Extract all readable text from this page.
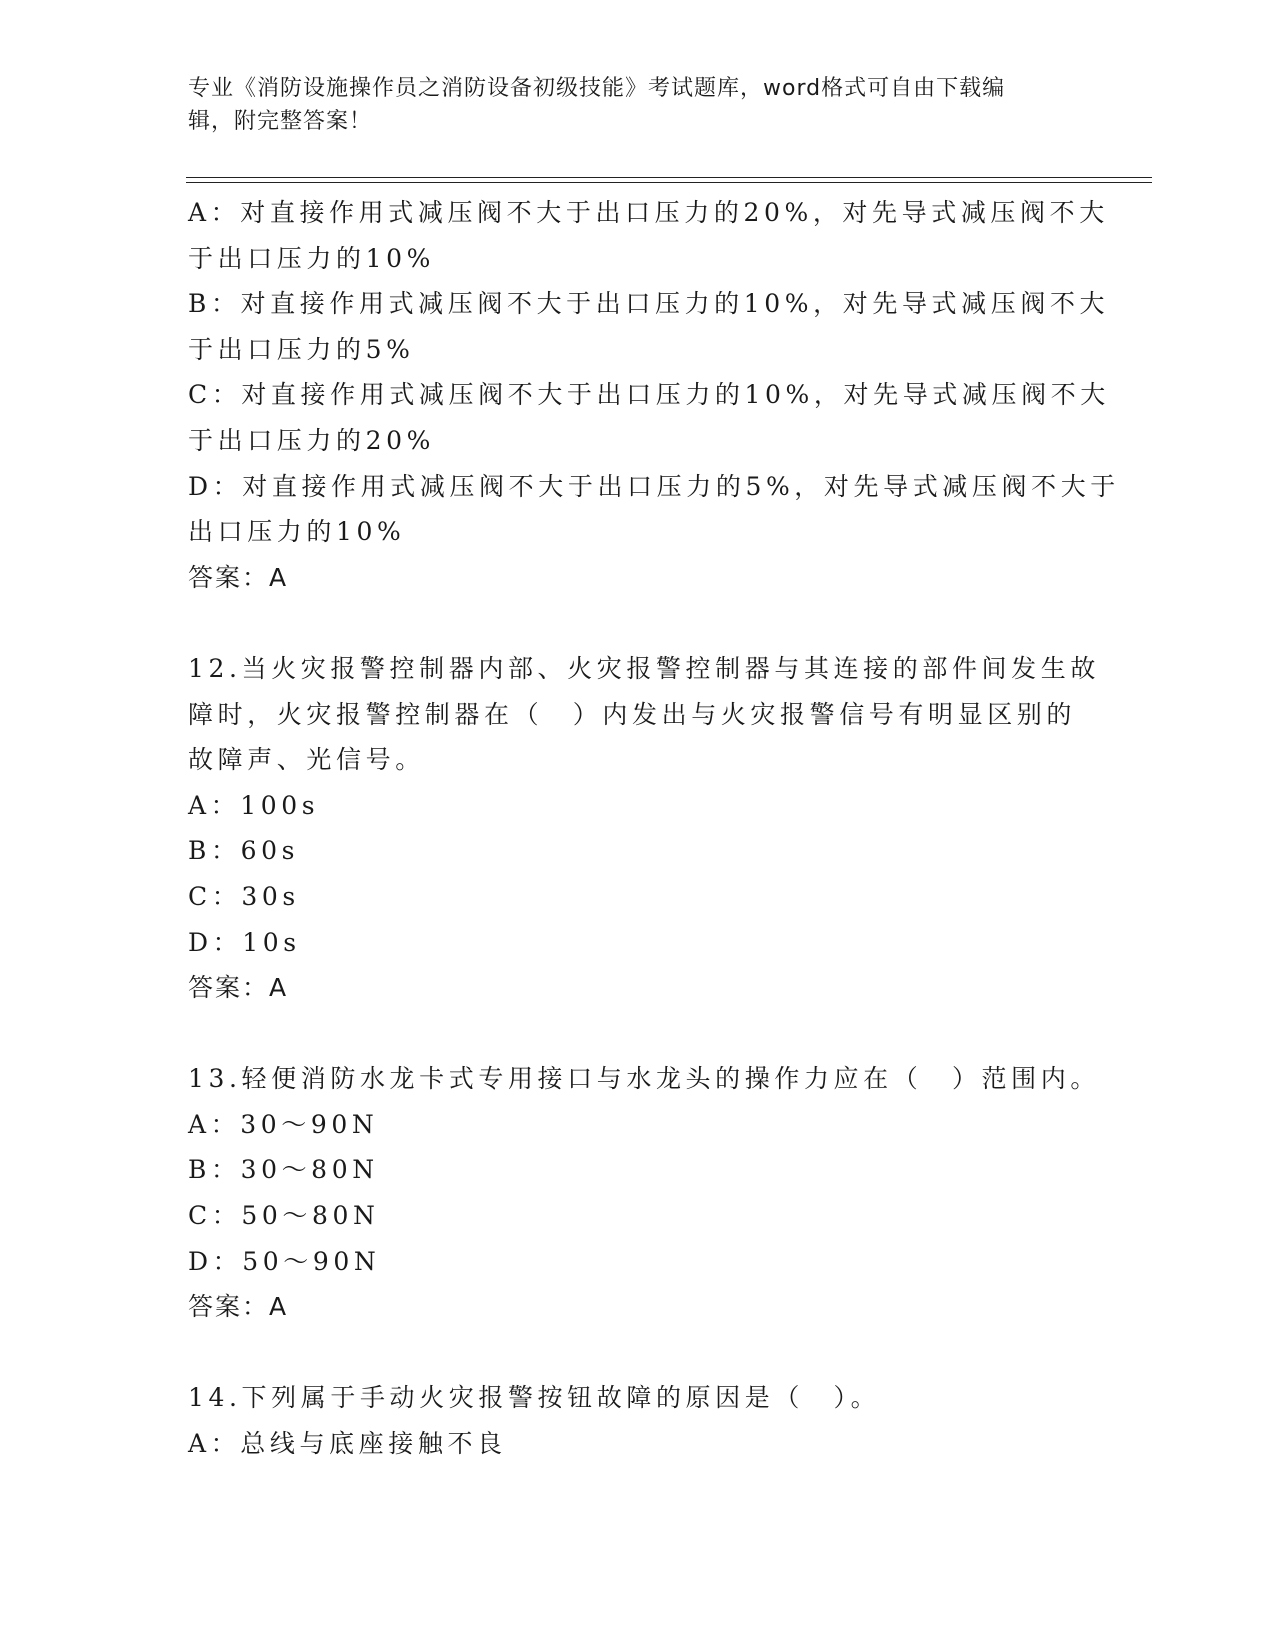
专业《消防设施操作员之消防设备初级技能》考试题库，word格式可自由下载编
辑，附完整答案！
A：对直接作用式减压阀不大于出口压力的20%，对先导式减压阀不大
于出口压力的10%
B：对直接作用式减压阀不大于出口压力的10%，对先导式减压阀不大
于出口压力的5%
C：对直接作用式减压阀不大于出口压力的10%，对先导式减压阀不大
于出口压力的20%
D：对直接作用式减压阀不大于出口压力的5%，对先导式减压阀不大于
出口压力的10%
答案：A
12.当火灾报警控制器内部、火灾报警控制器与其连接的部件间发生故
障时，火灾报警控制器在（　）内发出与火灾报警信号有明显区别的
故障声、光信号。
A：100s
B：60s
C：30s
D：10s
答案：A
13.轻便消防水龙卡式专用接口与水龙头的操作力应在（　）范围内。
A：30～90N
B：30～80N
C：50～80N
D：50～90N
答案：A
14.下列属于手动火灾报警按钮故障的原因是（　）。
A：总线与底座接触不良
